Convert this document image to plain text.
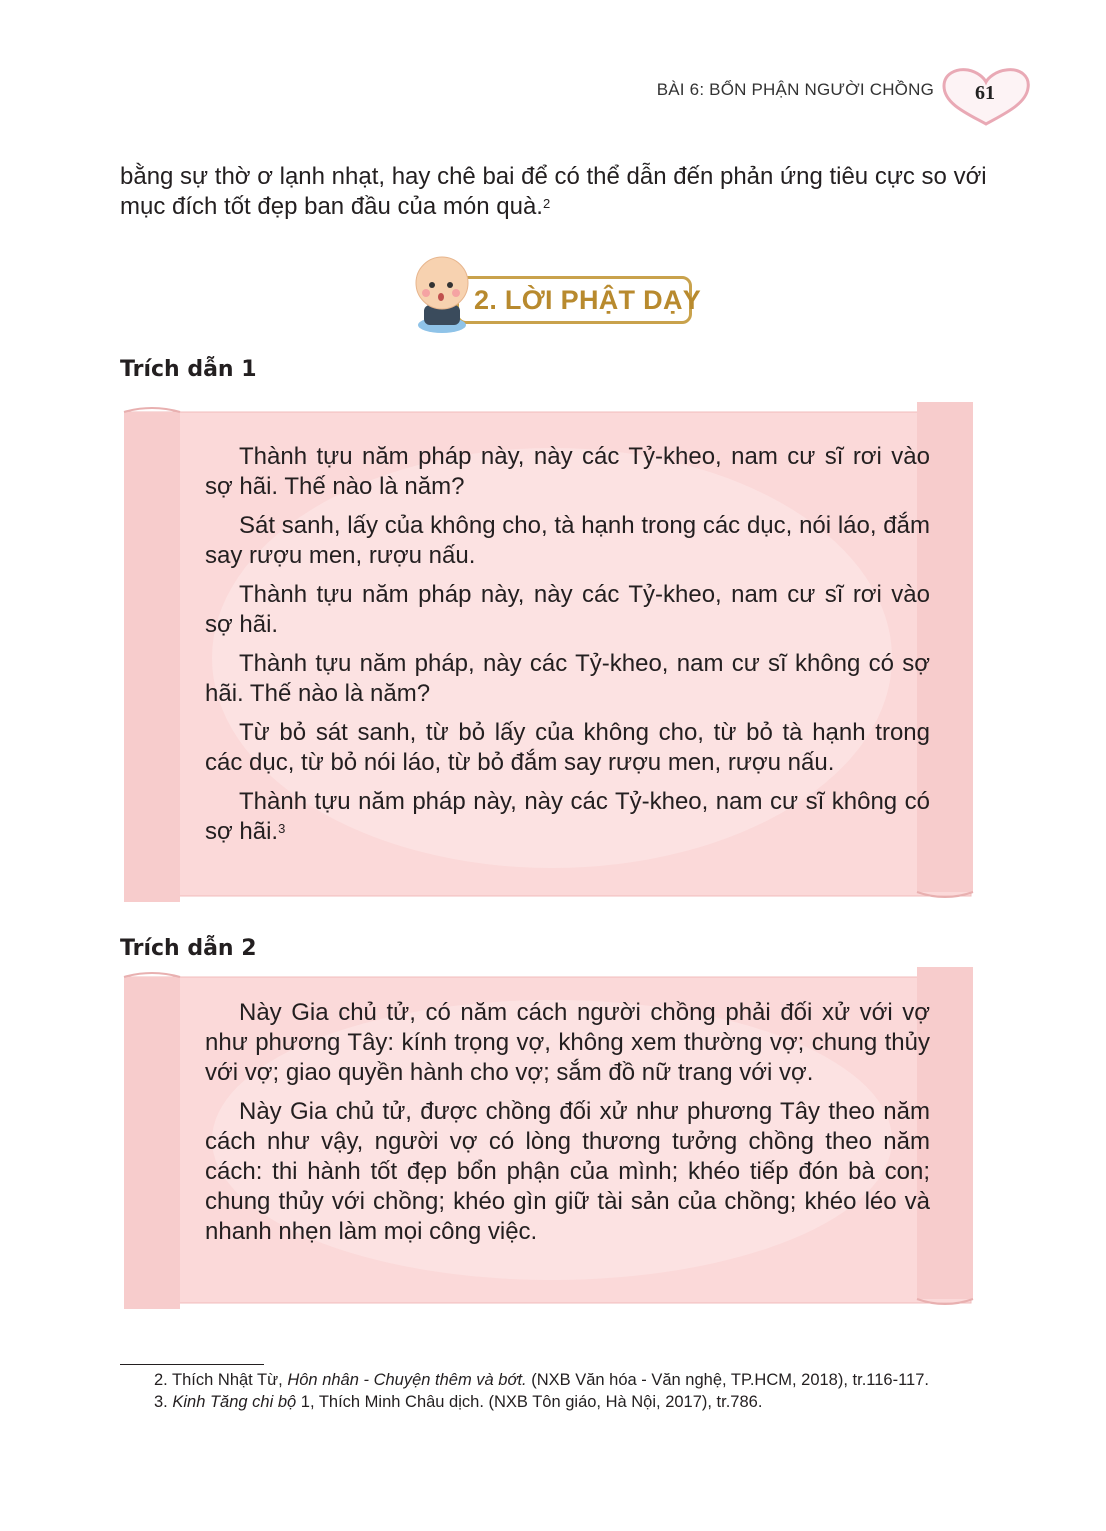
BÀI 6: BỔN PHẬN NGƯỜI CHỒNG	61
bằng sự thờ ơ lạnh nhạt, hay chê bai để có thể dẫn đến phản ứng tiêu cực so với mục đích tốt đẹp ban đầu của món quà.$^2$
2. LỜI PHẬT DẠY
Trích dẫn 1

Thành tựu năm pháp này, này các Tỷ-kheo, nam cư sĩ rơi vào sợ hãi. Thế nào là năm?

Sát sanh, lấy của không cho, tà hạnh trong các dục, nói láo, đắm say rượu men, rượu nấu.

Thành tựu năm pháp này, này các Tỷ-kheo, nam cư sĩ rơi vào sợ hãi.

Thành tựu năm pháp, này các Tỷ-kheo, nam cư sĩ không có sợ hãi. Thế nào là năm?

Từ bỏ sát sanh, từ bỏ lấy của không cho, từ bỏ tà hạnh trong các dục, từ bỏ nói láo, từ bỏ đắm say rượu men, rượu nấu.

Thành tựu năm pháp này, này các Tỷ-kheo, nam cư sĩ không có sợ hãi.$^3$

Trích dẫn 2

Này Gia chủ tử, có năm cách người chồng phải đối xử với vợ như phương Tây: kính trọng vợ, không xem thường vợ; chung thủy với vợ; giao quyền hành cho vợ; sắm đồ nữ trang với vợ.

Này Gia chủ tử, được chồng đối xử như phương Tây theo năm cách như vậy, người vợ có lòng thương tưởng chồng theo năm cách: thi hành tốt đẹp bổn phận của mình; khéo tiếp đón bà con; chung thủy với chồng; khéo gìn giữ tài sản của chồng; khéo léo và nhanh nhẹn làm mọi công việc.

2. Thích Nhật Từ, Hôn nhân - Chuyện thêm và bớt. (NXB Văn hóa - Văn nghệ, TP.HCM, 2018), tr.116-117.

3. Kinh Tăng chi bộ 1, Thích Minh Châu dịch. (NXB Tôn giáo, Hà Nội, 2017), tr.786.
